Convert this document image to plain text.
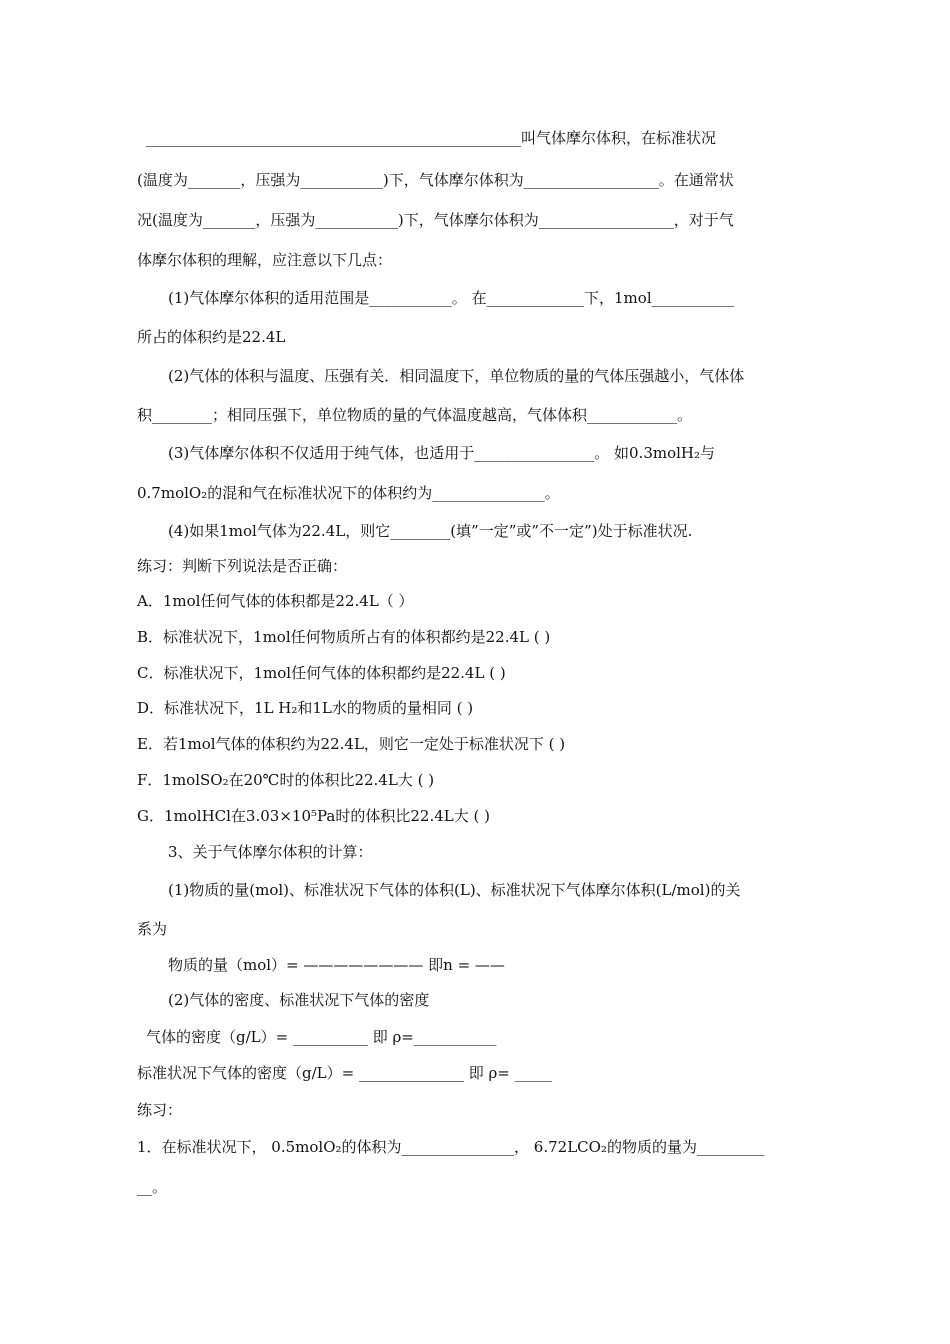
__________________________________________________叫气体摩尔体积，在标准状况
(温度为_______，压强为___________)下，气体摩尔体积为__________________。在通常状
况(温度为_______，压强为___________)下，气体摩尔体积为__________________，对于气
体摩尔体积的理解，应注意以下几点：
(1)气体摩尔体积的适用范围是___________。 在_____________下，1mol___________
所占的体积约是22.4L
(2)气体的体积与温度、压强有关．相同温度下，单位物质的量的气体压强越小，气体体
积________；相同压强下，单位物质的量的气体温度越高，气体体积____________。
(3)气体摩尔体积不仅适用于纯气体，也适用于________________。 如0.3molH₂与
0.7molO₂的混和气在标准状况下的体积约为_______________。
(4)如果1mol气体为22.4L，则它________(填”一定”或”不一定”)处于标准状况.
练习：判断下列说法是否正确：
A．1mol任何气体的体积都是22.4L（ ）
B．标准状况下，1mol任何物质所占有的体积都约是22.4L ( )
C．标准状况下，1mol任何气体的体积都约是22.4L ( )
D．标准状况下，1L H₂和1L水的物质的量相同 ( )
E．若1mol气体的体积约为22.4L，则它一定处于标准状况下 ( )
F．1molSO₂在20℃时的体积比22.4L大 ( )
G．1molHCl在3.03×10⁵Pa时的体积比22.4L大 ( )
3、关于气体摩尔体积的计算：
(1)物质的量(mol)、标准状况下气体的体积(L)、标准状况下气体摩尔体积(L/mol)的关
系为
物质的量（mol）= ———————— 即n = ——
(2)气体的密度、标准状况下气体的密度
气体的密度（g/L）= __________ 即 ρ=___________
标准状况下气体的密度（g/L）= ______________ 即 ρ= _____
练习：
1．在标准状况下， 0.5molO₂的体积为_______________， 6.72LCO₂的物质的量为_________
__。
